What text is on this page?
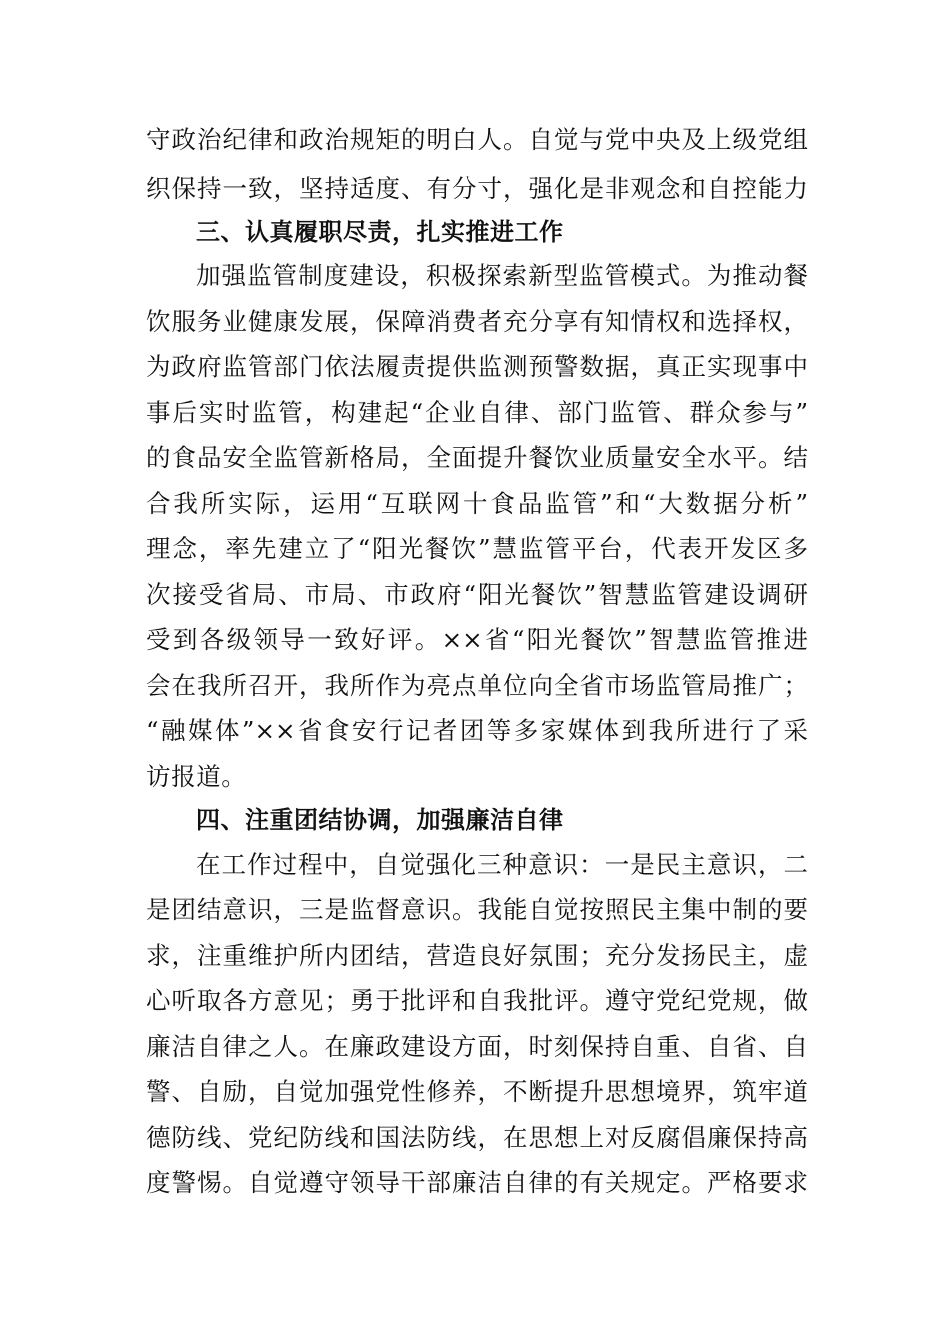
守政治纪律和政治规矩的明白人。自觉与党中央及上级党组
织保持一致，坚持适度、有分寸，强化是非观念和自控能力
三、认真履职尽责，扎实推进工作
加强监管制度建设，积极探索新型监管模式。为推动餐
饮服务业健康发展，保障消费者充分享有知情权和选择权，
为政府监管部门依法履责提供监测预警数据，真正实现事中
事后实时监管，构建起“企业自律、部门监管、群众参与”
的食品安全监管新格局，全面提升餐饮业质量安全水平。结
合我所实际，运用“互联网十食品监管”和“大数据分析”
理念，率先建立了“阳光餐饮”慧监管平台，代表开发区多
次接受省局、市局、市政府“阳光餐饮”智慧监管建设调研
受到各级领导一致好评。××省“阳光餐饮”智慧监管推进
会在我所召开，我所作为亮点单位向全省市场监管局推广；
“融媒体”××省食安行记者团等多家媒体到我所进行了采
访报道。
四、注重团结协调，加强廉洁自律
在工作过程中，自觉强化三种意识：一是民主意识，二
是团结意识，三是监督意识。我能自觉按照民主集中制的要
求，注重维护所内团结，营造良好氛围；充分发扬民主，虚
心听取各方意见；勇于批评和自我批评。遵守党纪党规，做
廉洁自律之人。在廉政建设方面，时刻保持自重、自省、自
警、自励，自觉加强党性修养，不断提升思想境界，筑牢道
德防线、党纪防线和国法防线，在思想上对反腐倡廉保持高
度警惕。自觉遵守领导干部廉洁自律的有关规定。严格要求
